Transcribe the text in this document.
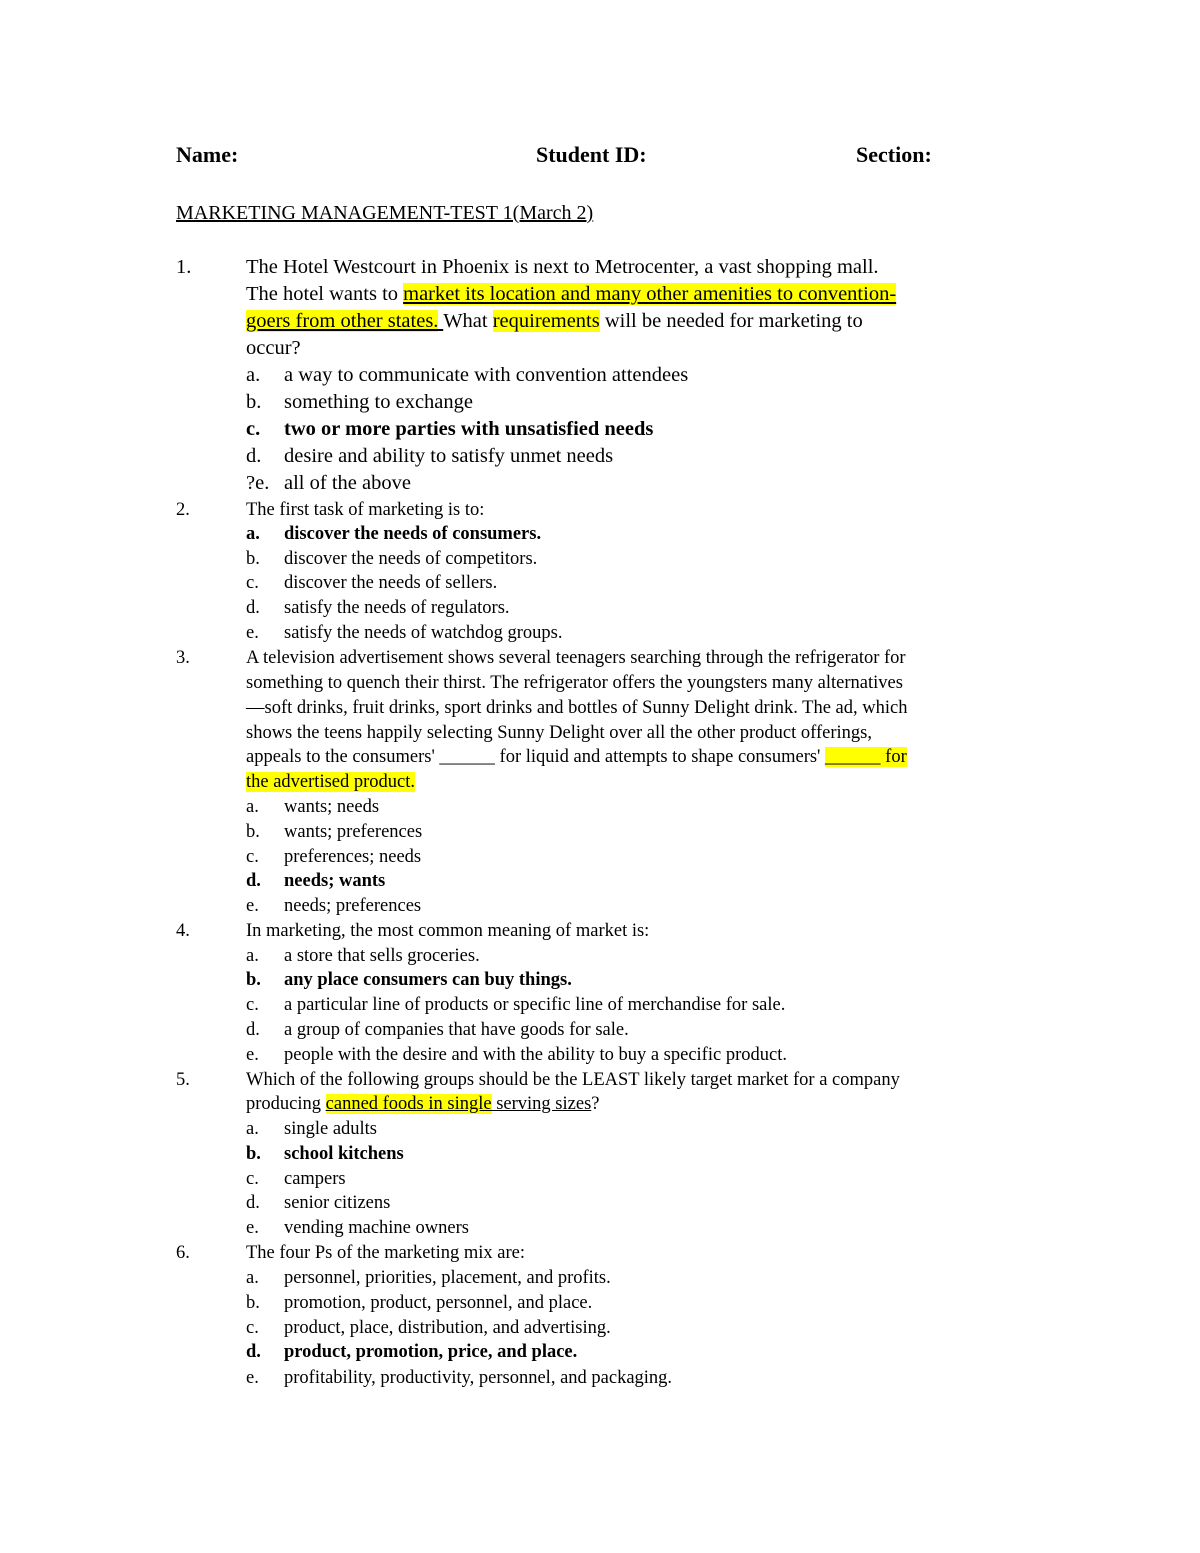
Name:	Student ID:	Section:
MARKETING MANAGEMENT-TEST 1(March 2)
1.	The Hotel Westcourt in Phoenix is next to Metrocenter, a vast shopping mall.
The hotel wants to market its location and many other amenities to convention-
goers from other states. What requirements will be needed for marketing to
occur?
a. a way to communicate with convention attendees
b. something to exchange
c. two or more parties with unsatisfied needs
d. desire and ability to satisfy unmet needs
?e. all of the above
2.	The first task of marketing is to:
a. discover the needs of consumers.
b. discover the needs of competitors.
c. discover the needs of sellers.
d. satisfy the needs of regulators.
e. satisfy the needs of watchdog groups.
3.	A television advertisement shows several teenagers searching through the refrigerator for
something to quench their thirst. The refrigerator offers the youngsters many alternatives
—soft drinks, fruit drinks, sport drinks and bottles of Sunny Delight drink. The ad, which
shows the teens happily selecting Sunny Delight over all the other product offerings,
appeals to the consumers' ______ for liquid and attempts to shape consumers' ______ for
the advertised product.
a. wants; needs
b. wants; preferences
c. preferences; needs
d. needs; wants
e. needs; preferences
4.	In marketing, the most common meaning of market is:
a. a store that sells groceries.
b. any place consumers can buy things.
c. a particular line of products or specific line of merchandise for sale.
d. a group of companies that have goods for sale.
e. people with the desire and with the ability to buy a specific product.
5.	Which of the following groups should be the LEAST likely target market for a company
producing canned foods in single serving sizes?
a. single adults
b. school kitchens
c. campers
d. senior citizens
e. vending machine owners
6.	The four Ps of the marketing mix are:
a. personnel, priorities, placement, and profits.
b. promotion, product, personnel, and place.
c. product, place, distribution, and advertising.
d. product, promotion, price, and place.
e. profitability, productivity, personnel, and packaging.
